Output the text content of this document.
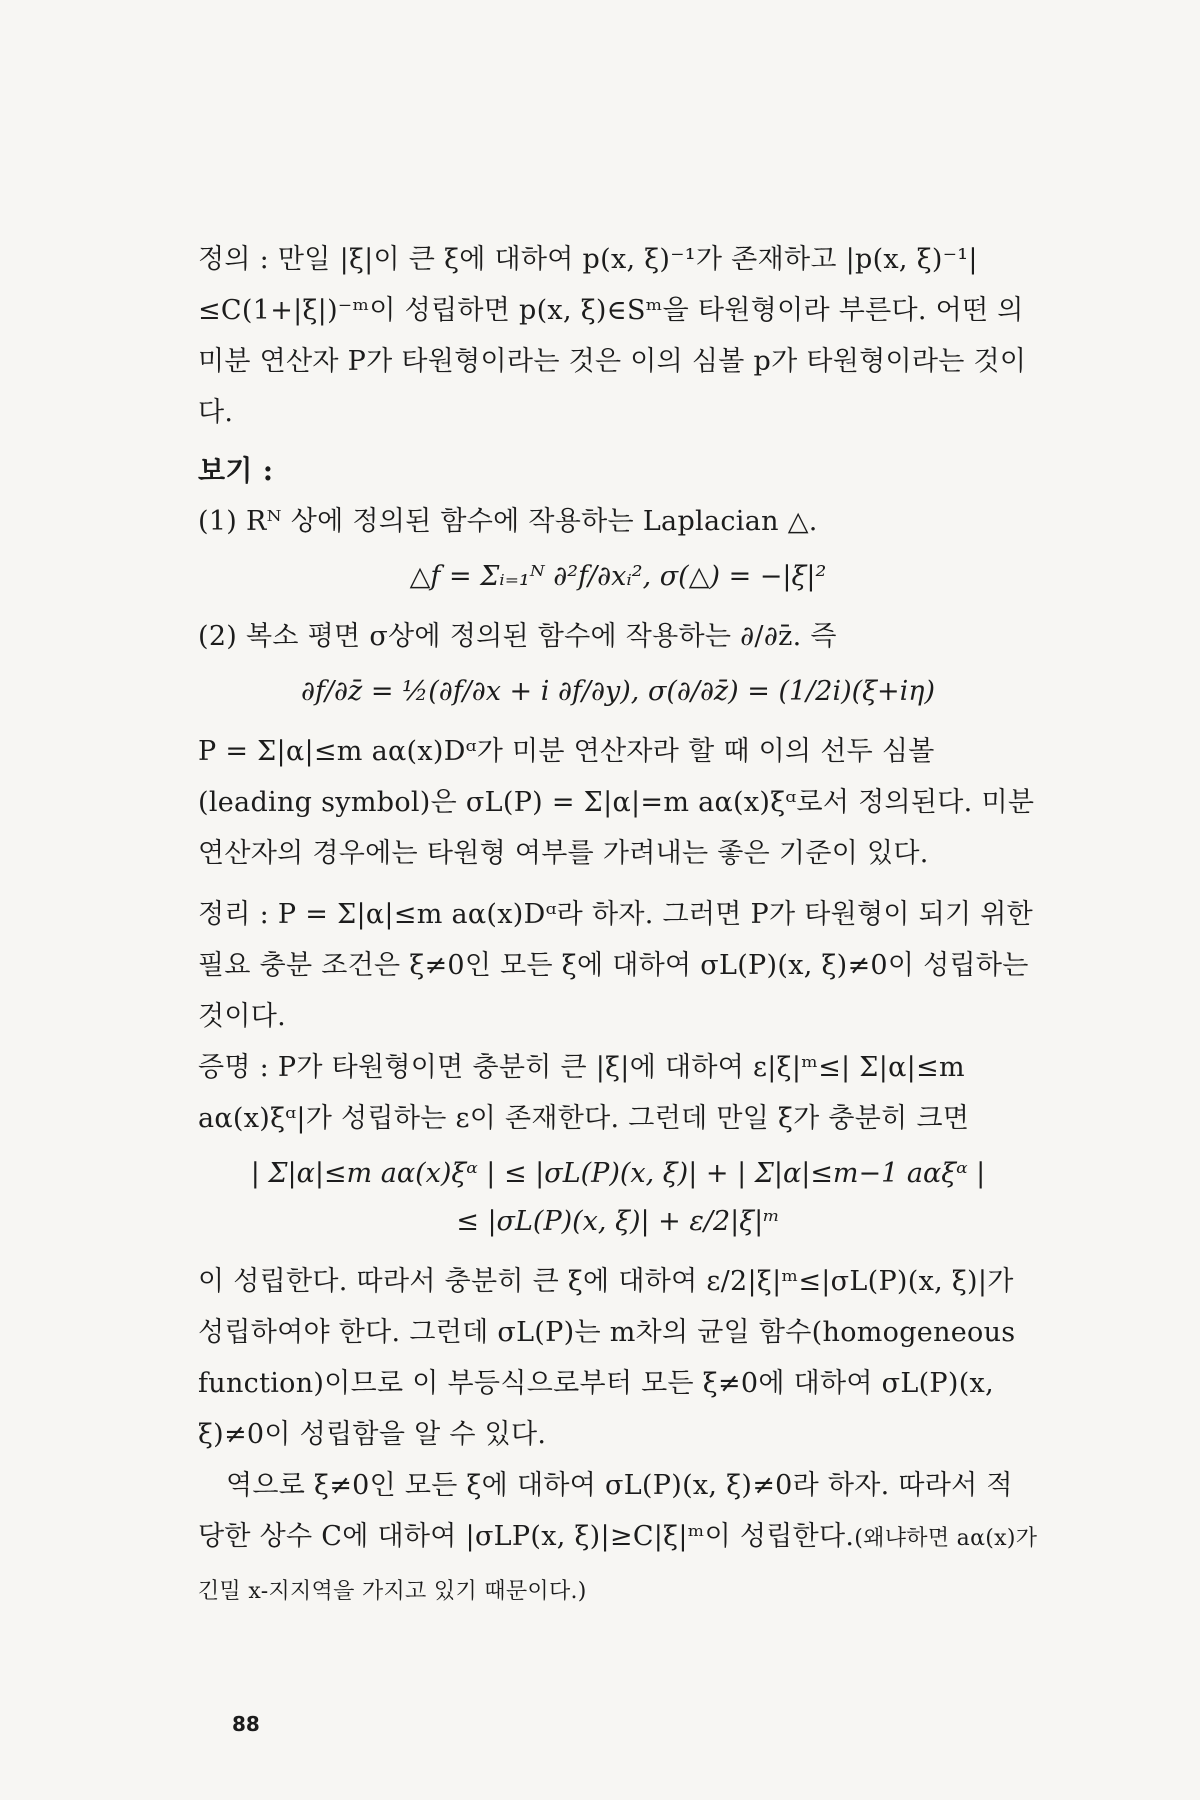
정의 : 만일 |ξ|이 큰 ξ에 대하여 p(x, ξ)⁻¹가 존재하고 |p(x, ξ)⁻¹| ≤C(1+|ξ|)⁻ᵐ이 성립하면 p(x, ξ)∈Sᵐ을 타원형이라 부른다. 어떤 의미분 연산자 P가 타원형이라는 것은 이의 심볼 p가 타원형이라는 것이다.

보기 :

(1) Rᴺ 상에 정의된 함수에 작용하는 Laplacian △.

△f = Σᵢ₌₁ᴺ ∂²f/∂xᵢ², σ(△) = −|ξ|²

(2) 복소 평면 σ상에 정의된 함수에 작용하는 ∂/∂z̄. 즉

∂f/∂z̄ = ½(∂f/∂x + i ∂f/∂y), σ(∂/∂z̄) = (1/2i)(ξ+iη)

P = Σ|α|≤m aα(x)Dᵅ가 미분 연산자라 할 때 이의 선두 심볼(leading symbol)은 σL(P) = Σ|α|=m aα(x)ξᵅ로서 정의된다. 미분 연산자의 경우에는 타원형 여부를 가려내는 좋은 기준이 있다.

정리 : P = Σ|α|≤m aα(x)Dᵅ라 하자. 그러면 P가 타원형이 되기 위한 필요 충분 조건은 ξ≠0인 모든 ξ에 대하여 σL(P)(x, ξ)≠0이 성립하는 것이다.

증명 : P가 타원형이면 충분히 큰 |ξ|에 대하여 ε|ξ|ᵐ≤| Σ|α|≤m aα(x)ξᵅ|가 성립하는 ε이 존재한다. 그런데 만일 ξ가 충분히 크면

| Σ|α|≤m aα(x)ξᵅ | ≤ |σL(P)(x, ξ)| + | Σ|α|≤m−1 aαξᵅ |

≤ |σL(P)(x, ξ)| + ε/2|ξ|ᵐ

이 성립한다. 따라서 충분히 큰 ξ에 대하여 ε/2|ξ|ᵐ≤|σL(P)(x, ξ)|가 성립하여야 한다. 그런데 σL(P)는 m차의 균일 함수(homogeneous function)이므로 이 부등식으로부터 모든 ξ≠0에 대하여 σL(P)(x, ξ)≠0이 성립함을 알 수 있다.

역으로 ξ≠0인 모든 ξ에 대하여 σL(P)(x, ξ)≠0라 하자. 따라서 적당한 상수 C에 대하여 |σLP(x, ξ)|≥C|ξ|ᵐ이 성립한다.(왜냐하면 aα(x)가 긴밀 x-지지역을 가지고 있기 때문이다.)

88
